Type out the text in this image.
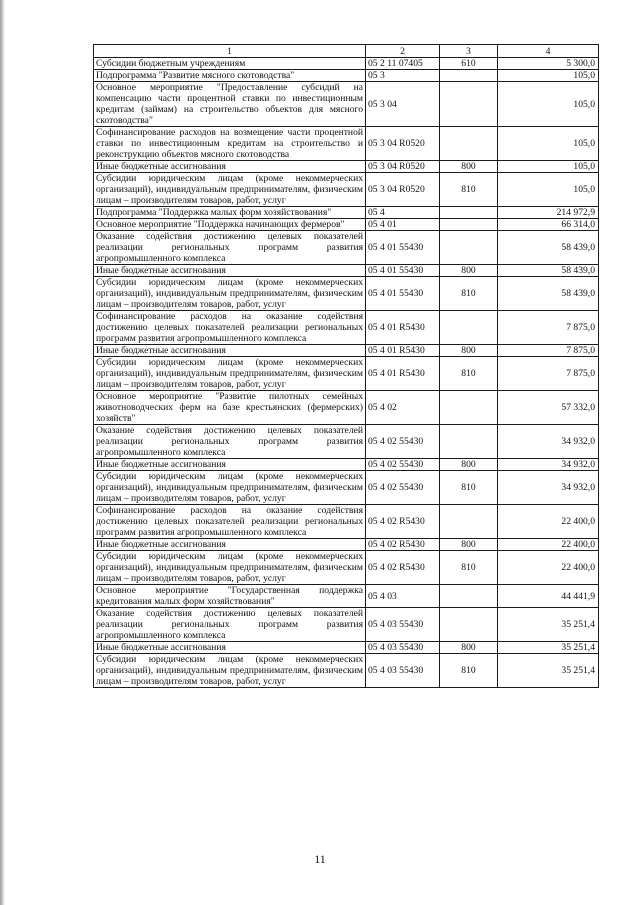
1	2	3	4
Субсидии бюджетным учреждениям	05 2 11 07405	610	5 300,0
Подпрограмма "Развитие мясного скотоводства"	05 3		105,0
Основное мероприятие "Предоставление субсидий на компенсацию части процентной ставки по инвестиционным кредитам (займам) на строительство объектов для мясного скотоводства"	05 3 04		105,0
Софинансирование расходов на возмещение части процентной ставки по инвестиционным кредитам на строительство и реконструкцию объектов мясного скотоводства	05 3 04 R0520		105,0
Иные бюджетные ассигнования	05 3 04 R0520	800	105,0
Субсидии юридическим лицам (кроме некоммерческих организаций), индивидуальным предпринимателям, физическим лицам – производителям товаров, работ, услуг	05 3 04 R0520	810	105,0
Подпрограмма "Поддержка малых форм хозяйствования"	05 4		214 972,9
Основное мероприятие "Поддержка начинающих фермеров"	05 4 01		66 314,0
Оказание содействия достижению целевых показателей реализации региональных программ развития агропромышленного комплекса	05 4 01 55430		58 439,0
Иные бюджетные ассигнования	05 4 01 55430	800	58 439,0
Субсидии юридическим лицам (кроме некоммерческих организаций), индивидуальным предпринимателям, физическим лицам – производителям товаров, работ, услуг	05 4 01 55430	810	58 439,0
Софинансирование расходов на оказание содействия достижению целевых показателей реализации региональных программ развития агропромышленного комплекса	05 4 01 R5430		7 875,0
Иные бюджетные ассигнования	05 4 01 R5430	800	7 875,0
Субсидии юридическим лицам (кроме некоммерческих организаций), индивидуальным предпринимателям, физическим лицам – производителям товаров, работ, услуг	05 4 01 R5430	810	7 875,0
Основное мероприятие "Развитие пилотных семейных животноводческих ферм на базе крестьянских (фермерских) хозяйств"	05 4 02		57 332,0
Оказание содействия достижению целевых показателей реализации региональных программ развития агропромышленного комплекса	05 4 02 55430		34 932,0
Иные бюджетные ассигнования	05 4 02 55430	800	34 932,0
Субсидии юридическим лицам (кроме некоммерческих организаций), индивидуальным предпринимателям, физическим лицам – производителям товаров, работ, услуг	05 4 02 55430	810	34 932,0
Софинансирование расходов на оказание содействия достижению целевых показателей реализации региональных программ развития агропромышленного комплекса	05 4 02 R5430		22 400,0
Иные бюджетные ассигнования	05 4 02 R5430	800	22 400,0
Субсидии юридическим лицам (кроме некоммерческих организаций), индивидуальным предпринимателям, физическим лицам – производителям товаров, работ, услуг	05 4 02 R5430	810	22 400,0
Основное мероприятие "Государственная поддержка кредитования малых форм хозяйствования"	05 4 03		44 441,9
Оказание содействия достижению целевых показателей реализации региональных программ развития агропромышленного комплекса	05 4 03 55430		35 251,4
Иные бюджетные ассигнования	05 4 03 55430	800	35 251,4
Субсидии юридическим лицам (кроме некоммерческих организаций), индивидуальным предпринимателям, физическим лицам – производителям товаров, работ, услуг	05 4 03 55430	810	35 251,4
11
